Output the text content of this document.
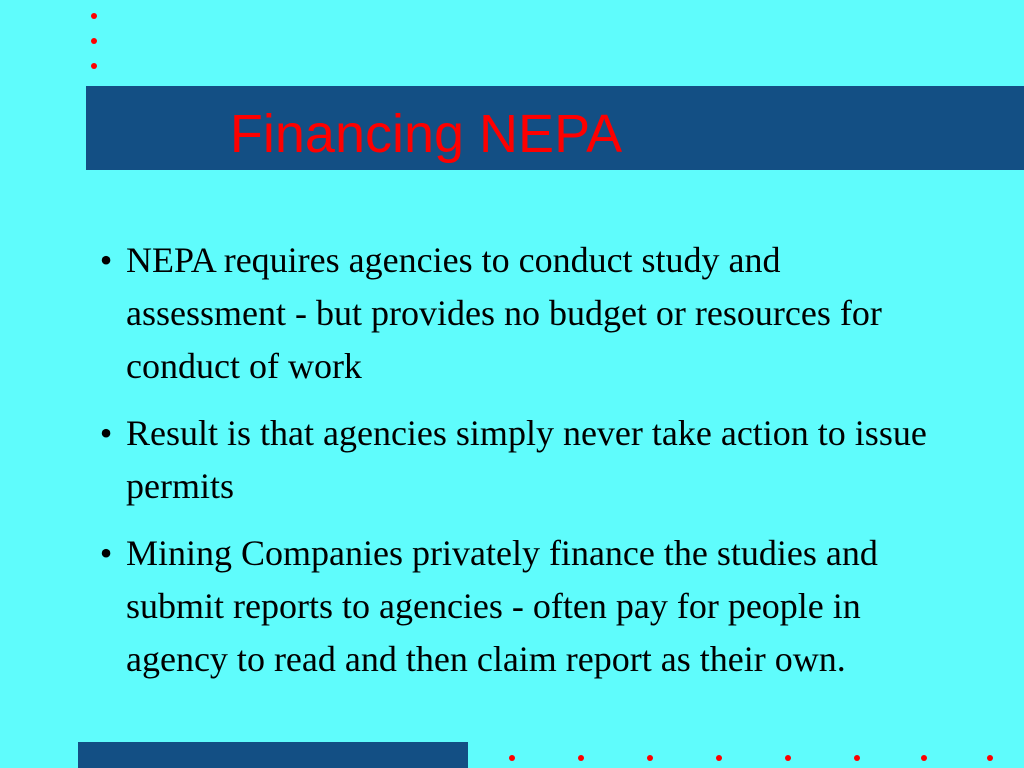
Financing NEPA
• NEPA requires agencies to conduct study and assessment - but provides no budget or resources for conduct of work
• Result is that agencies simply never take action to issue permits
• Mining Companies privately finance the studies and submit reports to agencies - often pay for people in agency to read and then claim report as their own.
